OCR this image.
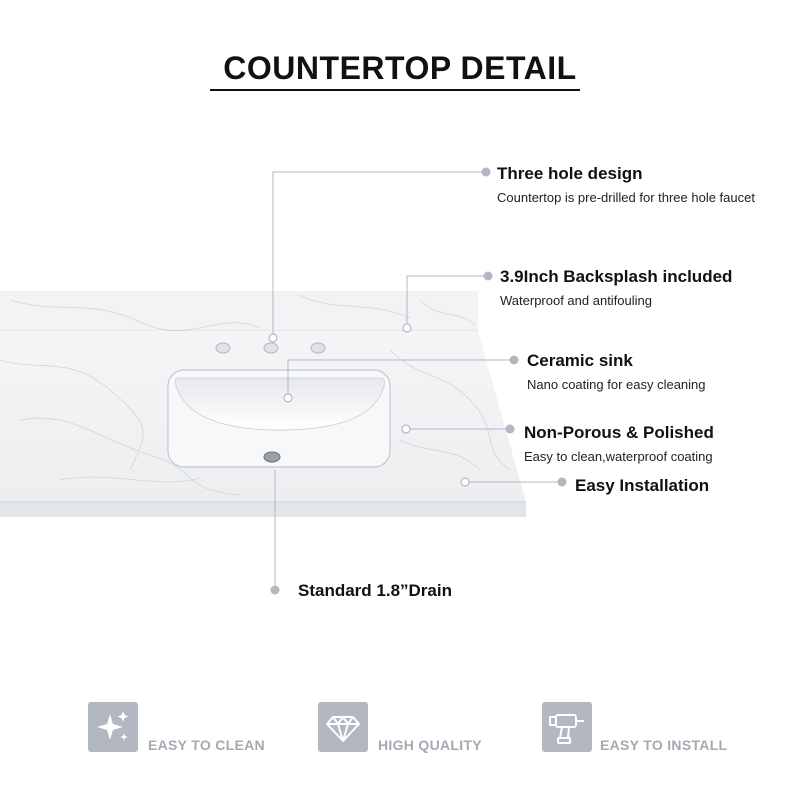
COUNTERTOP DETAIL
Three hole design
Countertop is pre-drilled for three hole faucet
3.9Inch Backsplash included
Waterproof and antifouling
Ceramic sink
Nano coating for easy cleaning
Non-Porous & Polished
Easy to clean,waterproof coating
Easy Installation
Standard 1.8”Drain
EASY TO CLEAN	HIGH QUALITY	EASY TO INSTALL
